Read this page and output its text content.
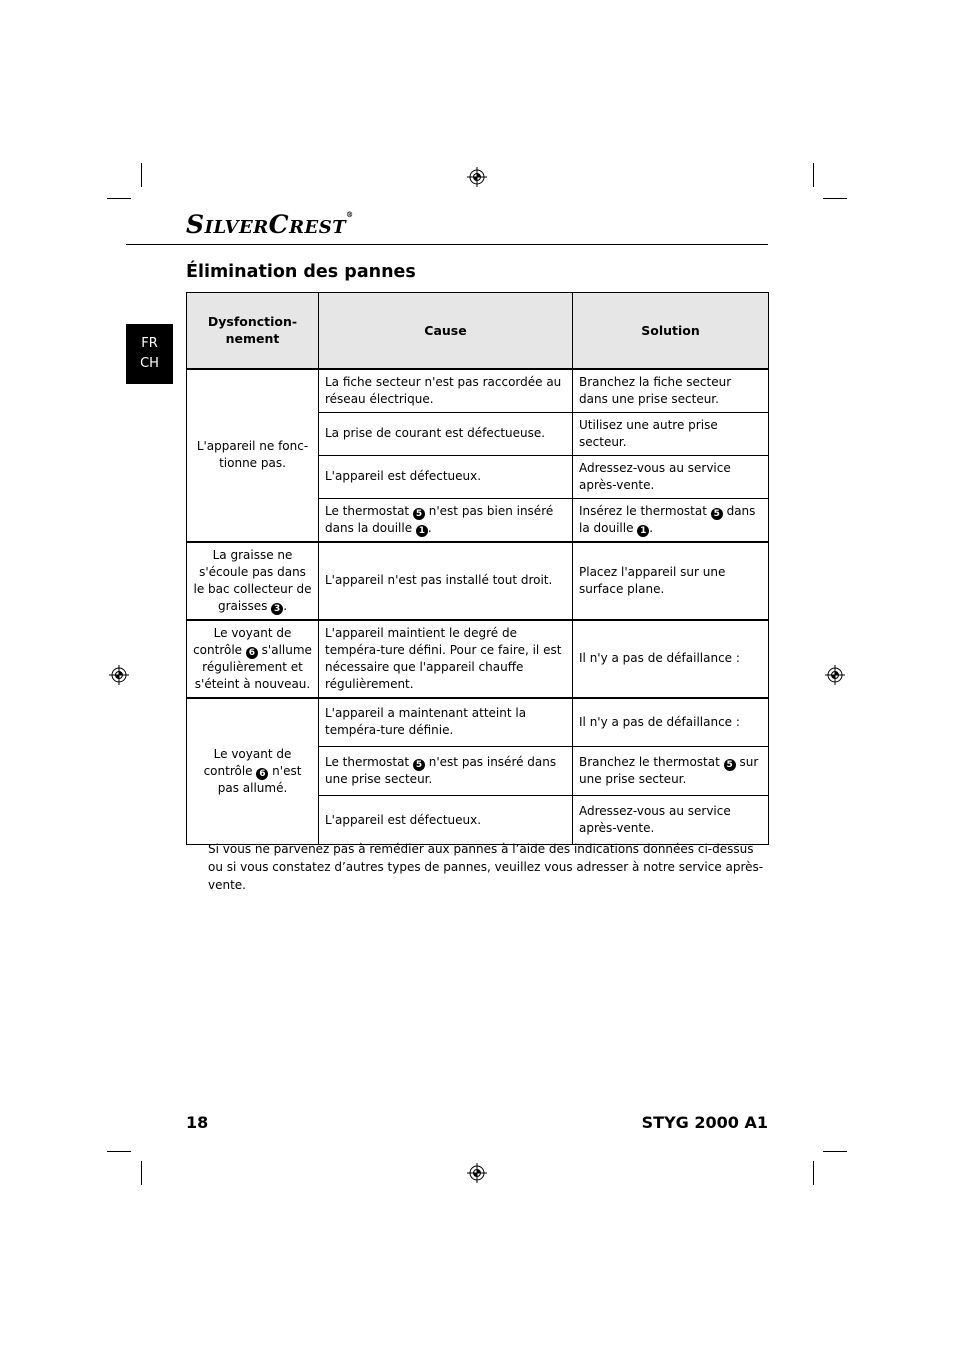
SILVERCREST®
FR
CH
Élimination des pannes
Dysfonction-
nement	Cause	Solution
L'appareil ne fonc-
tionne pas.	La fiche secteur n'est pas raccordée au réseau électrique.	Branchez la fiche secteur dans une prise secteur.
	La prise de courant est défectueuse.	Utilisez une autre prise secteur.
	L'appareil est défectueux.	Adressez-vous au service après-vente.
	Le thermostat 5 n'est pas bien inséré dans la douille 1 .	Insérez le thermostat 5 dans la douille 1 .
La graisse ne s'écoule pas dans le bac collecteur de graisses 3 .	L'appareil n'est pas installé tout droit.	Placez l'appareil sur une surface plane.
Le voyant de contrôle 6 s'allume régulièrement et s'éteint à nouveau.	L'appareil maintient le degré de tempéra-ture défini. Pour ce faire, il est nécessaire que l'appareil chauffe régulièrement.	Il n'y a pas de défaillance :
Le voyant de contrôle 6 n'est pas allumé.	L'appareil a maintenant atteint la tempéra-ture définie.	Il n'y a pas de défaillance :
	Le thermostat 5 n'est pas inséré dans une prise secteur.	Branchez le thermostat 5 sur une prise secteur.
	L'appareil est défectueux.	Adressez-vous au service après-vente.
Si vous ne parvenez pas à remédier aux pannes à l’aide des indications données ci-dessus ou si vous constatez d’autres types de pannes, veuillez vous adresser à notre service après-vente.
18	STYG 2000 A1
